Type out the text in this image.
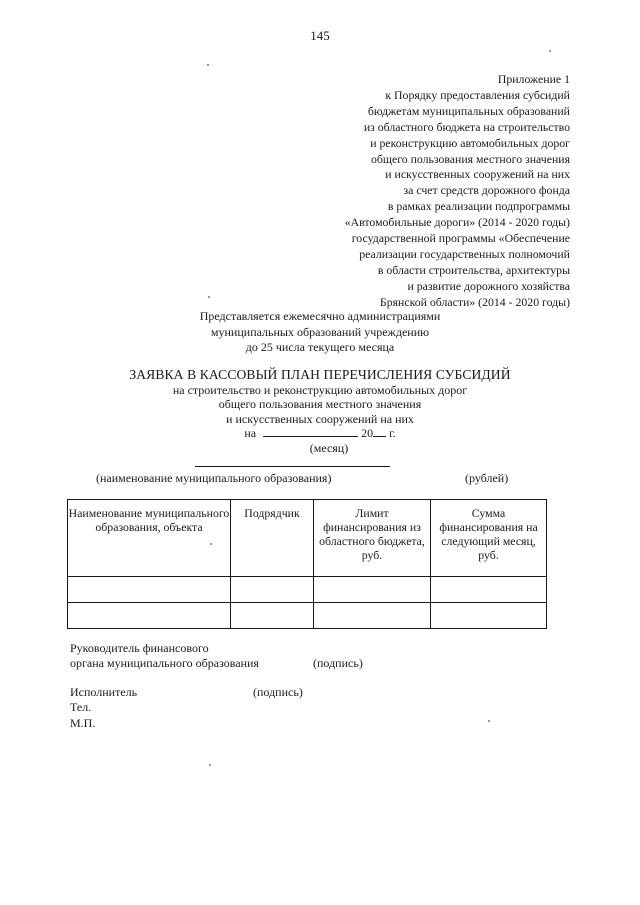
145
Приложение 1
к Порядку предоставления субсидий
бюджетам муниципальных образований
из областного бюджета на строительство
и реконструкцию автомобильных дорог
общего пользования местного значения
и искусственных сооружений на них
за счет средств дорожного фонда
в рамках реализации подпрограммы
«Автомобильные дороги» (2014 - 2020 годы)
государственной программы «Обеспечение
реализации государственных полномочий
в области строительства, архитектуры
и развитие дорожного хозяйства
Брянской области» (2014 - 2020 годы)
Представляется ежемесячно администрациями
муниципальных образований учреждению
до 25 числа текущего месяца
ЗАЯВКА В КАССОВЫЙ ПЛАН ПЕРЕЧИСЛЕНИЯ СУБСИДИЙ
на строительство и реконструкцию автомобильных дорог
общего пользования местного значения
и искусственных сооружений на них
на	20 г.
(месяц)
(наименование муниципального образования)	(рублей)
Наименование муниципального образования, объекта	Подрядчик	Лимит финансирования из областного бюджета, руб.	Сумма финансирования на следующий месяц, руб.

Руководитель финансового
органа муниципального образования	(подпись)
Исполнитель	(подпись)
Тел.
М.П.
